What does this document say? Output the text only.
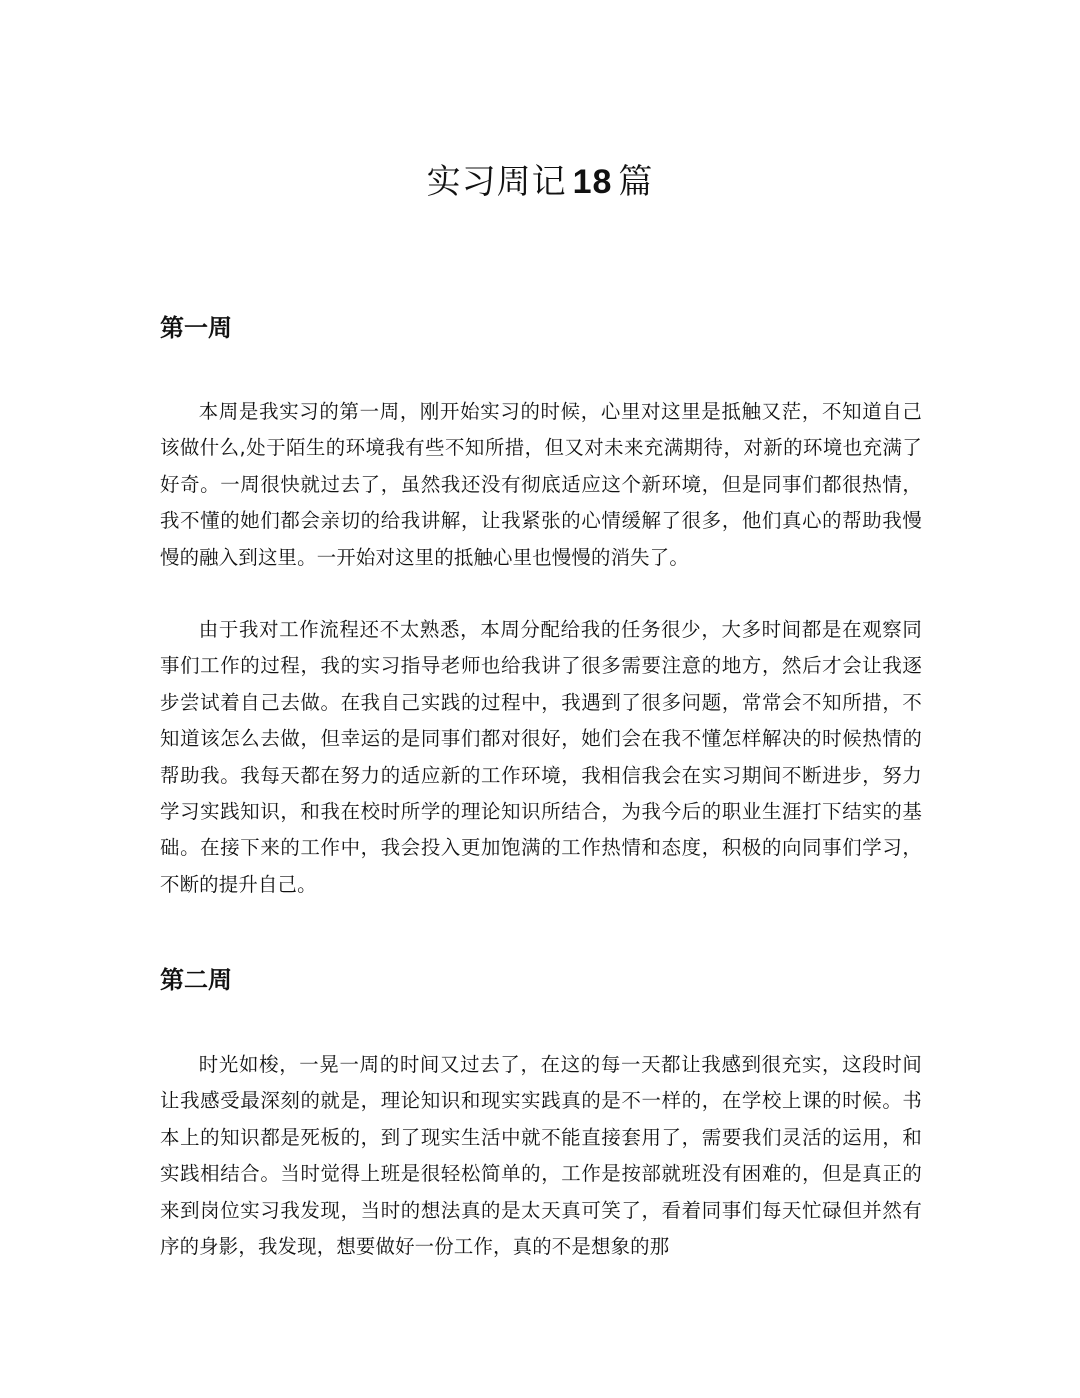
实习周记 18 篇
第一周

本周是我实习的第一周，刚开始实习的时候，心里对这里是抵触又茫，不知道自己该做什么,处于陌生的环境我有些不知所措，但又对未来充满期待，对新的环境也充满了好奇。一周很快就过去了，虽然我还没有彻底适应这个新环境，但是同事们都很热情，我不懂的她们都会亲切的给我讲解，让我紧张的心情缓解了很多，他们真心的帮助我慢慢的融入到这里。一开始对这里的抵触心里也慢慢的消失了。

由于我对工作流程还不太熟悉，本周分配给我的任务很少，大多时间都是在观察同事们工作的过程，我的实习指导老师也给我讲了很多需要注意的地方，然后才会让我逐步尝试着自己去做。在我自己实践的过程中，我遇到了很多问题，常常会不知所措，不知道该怎么去做，但幸运的是同事们都对很好，她们会在我不懂怎样解决的时候热情的帮助我。我每天都在努力的适应新的工作环境，我相信我会在实习期间不断进步，努力学习实践知识，和我在校时所学的理论知识所结合，为我今后的职业生涯打下结实的基础。在接下来的工作中，我会投入更加饱满的工作热情和态度，积极的向同事们学习，不断的提升自己。

第二周

时光如梭，一晃一周的时间又过去了，在这的每一天都让我感到很充实，这段时间让我感受最深刻的就是，理论知识和现实实践真的是不一样的，在学校上课的时候。书本上的知识都是死板的，到了现实生活中就不能直接套用了，需要我们灵活的运用，和实践相结合。当时觉得上班是很轻松简单的，工作是按部就班没有困难的，但是真正的来到岗位实习我发现，当时的想法真的是太天真可笑了，看着同事们每天忙碌但并然有序的身影，我发现，想要做好一份工作，真的不是想象的那
